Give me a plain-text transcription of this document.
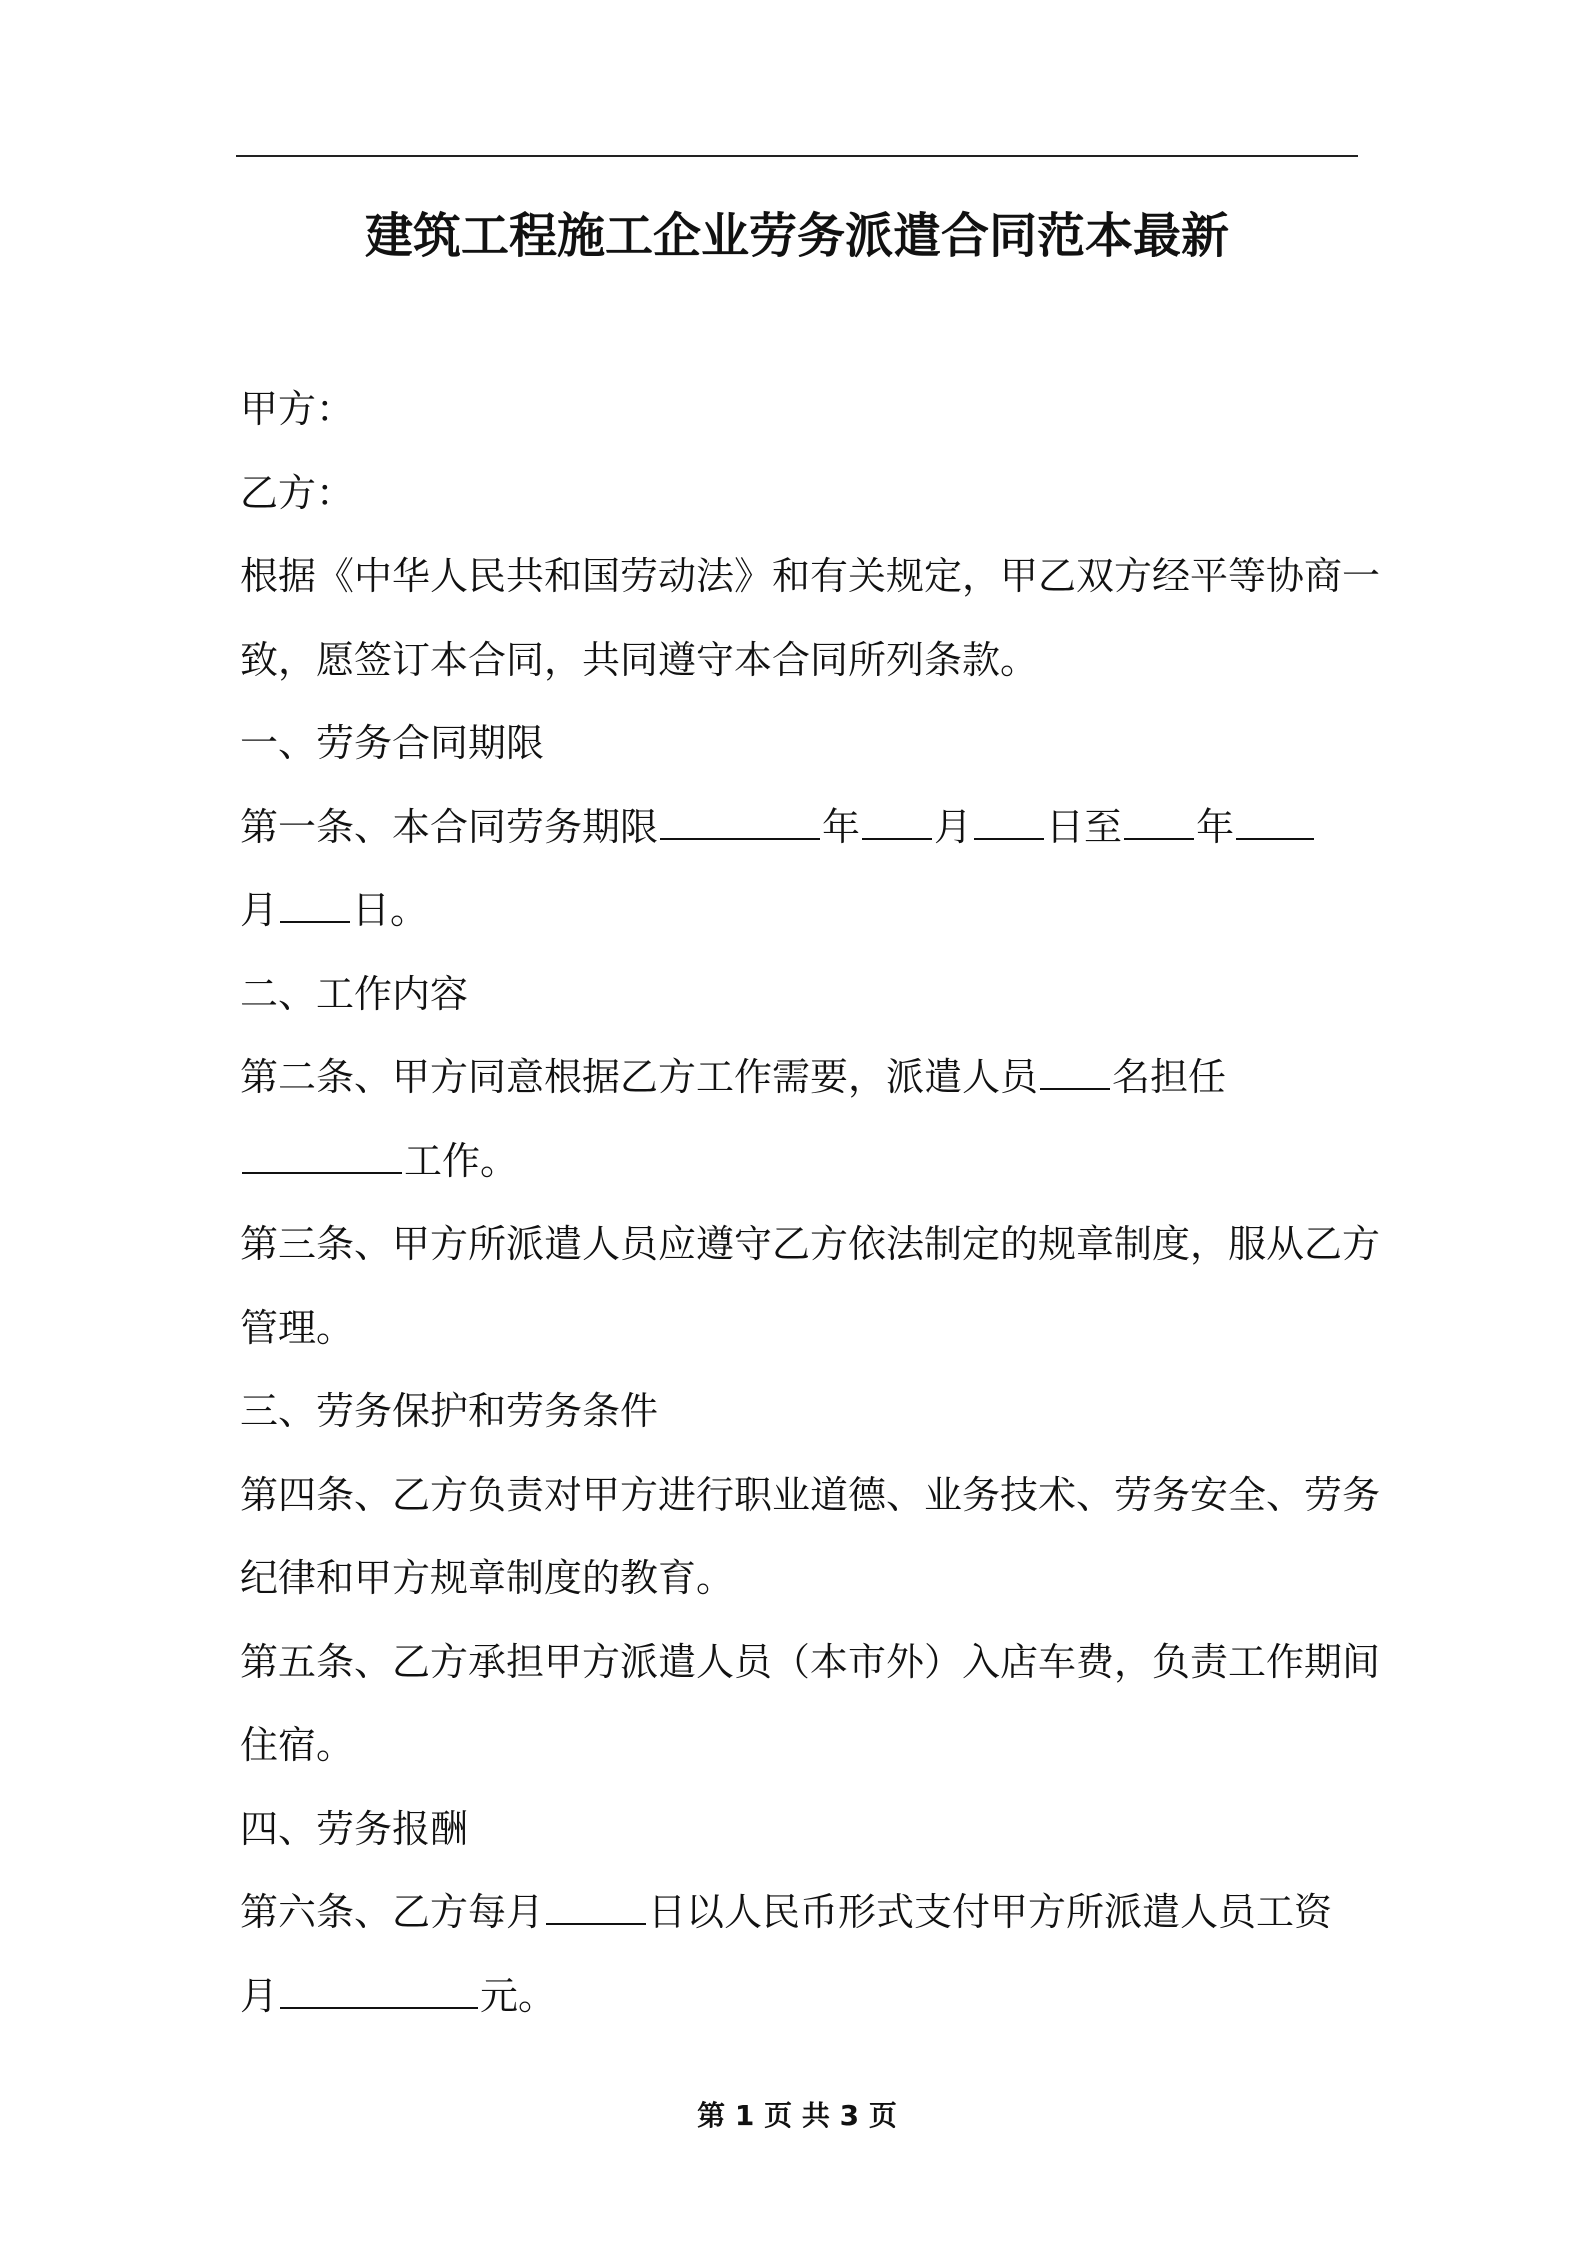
建筑工程施工企业劳务派遣合同范本最新
甲方：
乙方：
根据《中华人民共和国劳动法》和有关规定，甲乙双方经平等协商一
致，愿签订本合同，共同遵守本合同所列条款。
一、劳务合同期限
第一条、本合同劳务期限	年 月 日至 年
月 日。
二、工作内容
第二条、甲方同意根据乙方工作需要，派遣人员 名担任
工作。
第三条、甲方所派遣人员应遵守乙方依法制定的规章制度，服从乙方
管理。
三、劳务保护和劳务条件
第四条、乙方负责对甲方进行职业道德、业务技术、劳务安全、劳务
纪律和甲方规章制度的教育。
第五条、乙方承担甲方派遣人员（本市外）入店车费，负责工作期间
住宿。
四、劳务报酬
第六条、乙方每月	日以人民币形式支付甲方所派遣人员工资
月	元。
第 1 页 共 3 页
